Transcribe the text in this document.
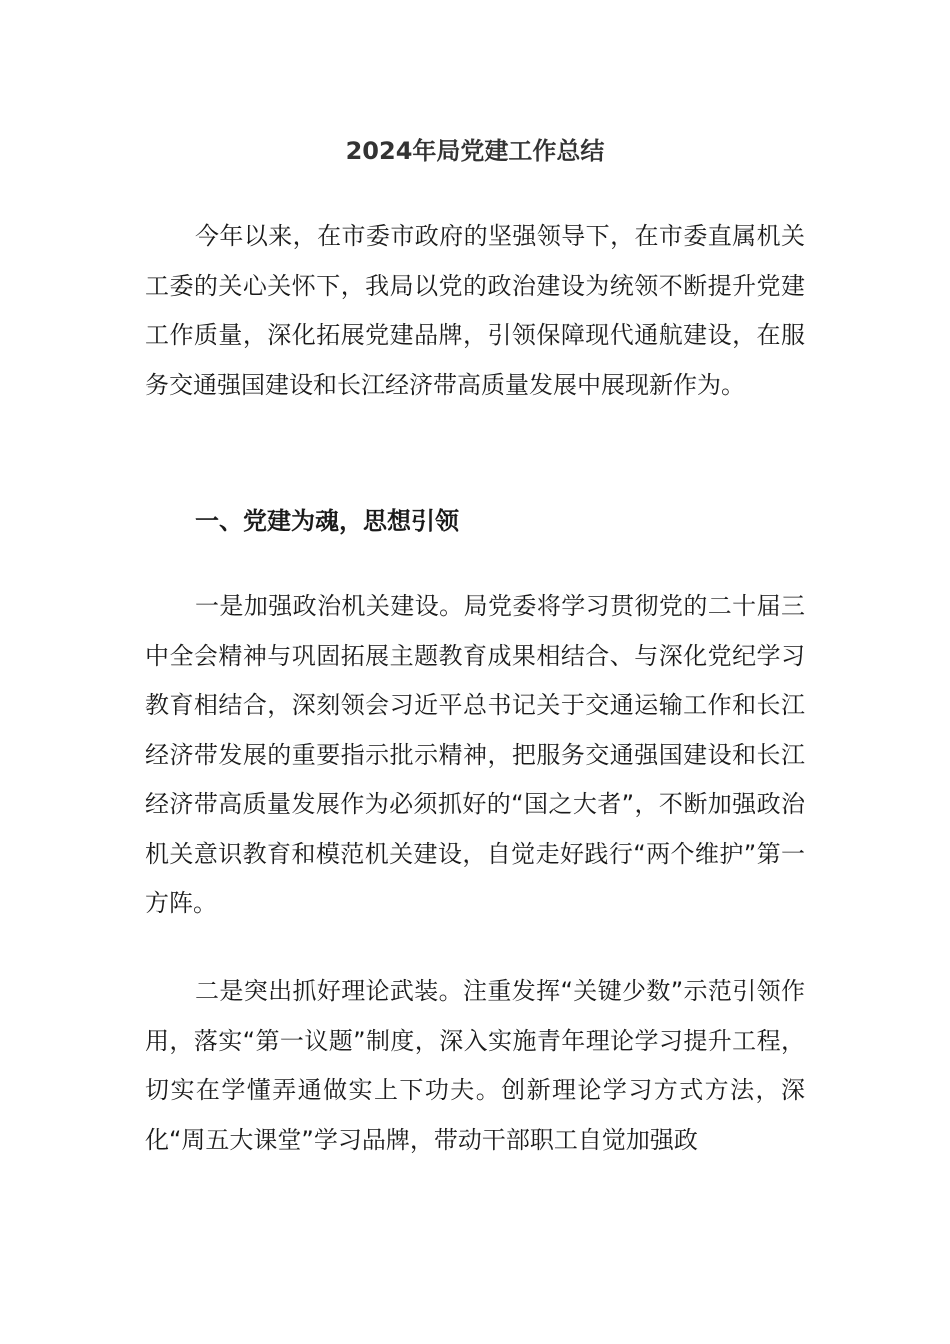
2024年局党建工作总结

今年以来，在市委市政府的坚强领导下，在市委直属机关工委的关心关怀下，我局以党的政治建设为统领不断提升党建工作质量，深化拓展党建品牌，引领保障现代通航建设，在服务交通强国建设和长江经济带高质量发展中展现新作为。

一、党建为魂，思想引领

一是加强政治机关建设。局党委将学习贯彻党的二十届三中全会精神与巩固拓展主题教育成果相结合、与深化党纪学习教育相结合，深刻领会习近平总书记关于交通运输工作和长江经济带发展的重要指示批示精神，把服务交通强国建设和长江经济带高质量发展作为必须抓好的“国之大者”，不断加强政治机关意识教育和模范机关建设，自觉走好践行“两个维护”第一方阵。

二是突出抓好理论武装。注重发挥“关键少数”示范引领作用，落实“第一议题”制度，深入实施青年理论学习提升工程，切实在学懂弄通做实上下功夫。创新理论学习方式方法，深化“周五大课堂”学习品牌，带动干部职工自觉加强政
